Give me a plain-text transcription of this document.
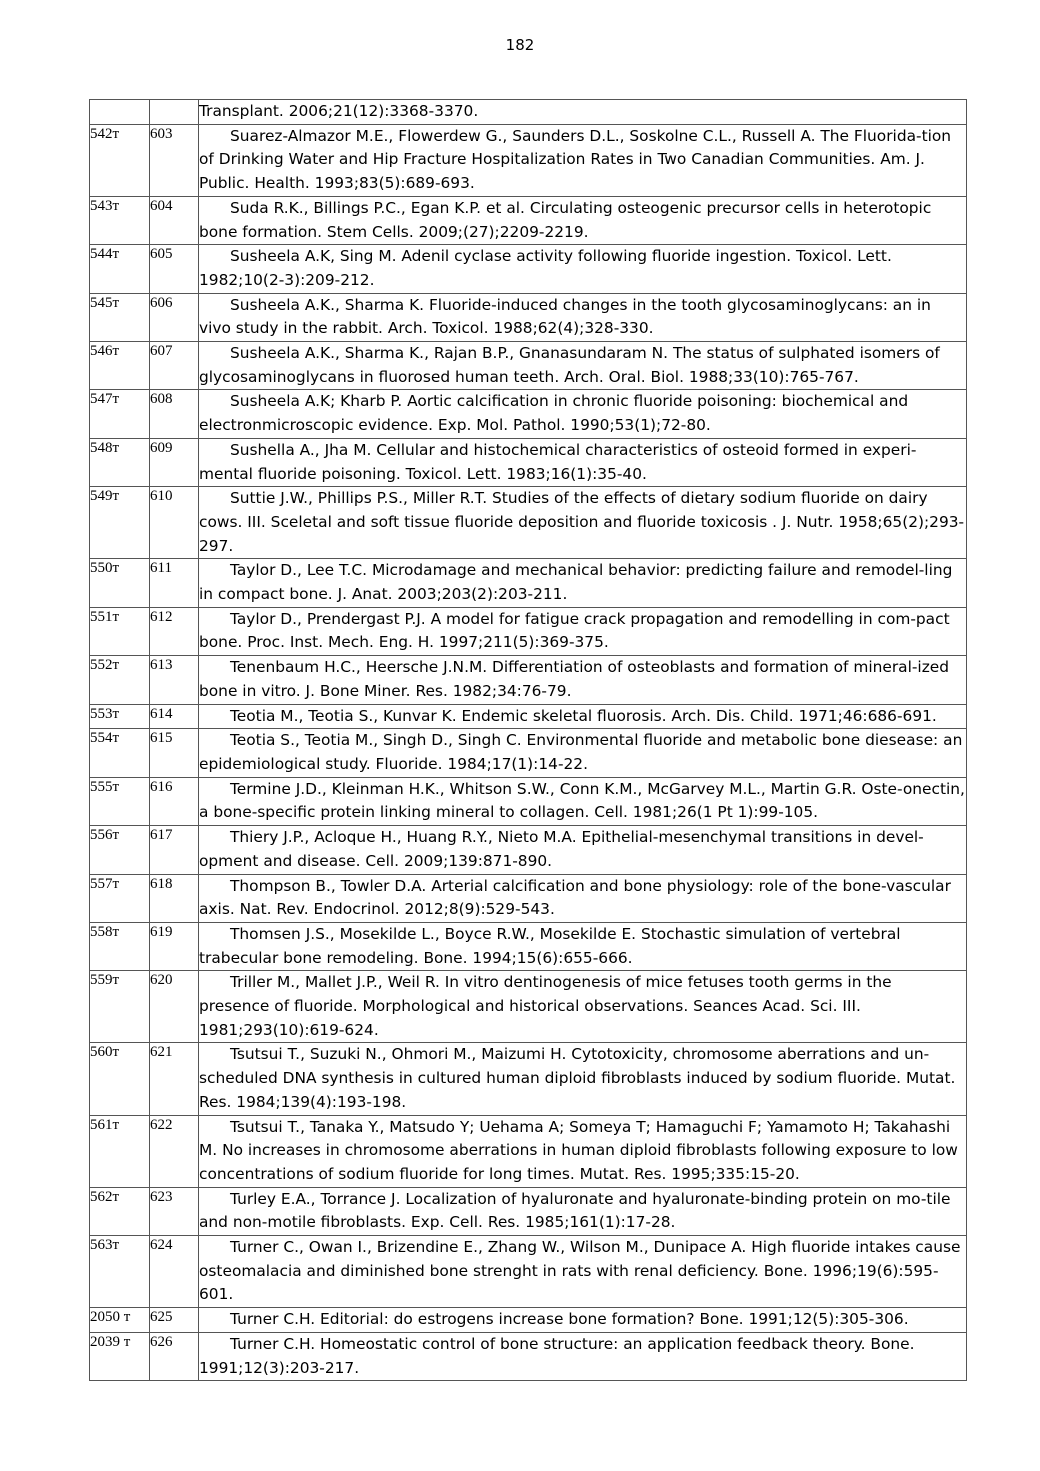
182

		Transplant. 2006;21(12):3368-3370.

542т	603	Suarez-Almazor M.E., Flowerdew G., Saunders D.L., Soskolne C.L., Russell A. The Fluorida-tion of Drinking Water and Hip Fracture Hospitalization Rates in Two Canadian Communities. Am. J. Public. Health. 1993;83(5):689-693.

543т	604	Suda R.K., Billings P.C., Egan K.P. et al. Circulating osteogenic precursor cells in heterotopic bone formation. Stem Cells. 2009;(27);2209-2219.

544т	605	Susheela A.K, Sing M. Adenil cyclase activity following fluoride ingestion. Toxicol. Lett. 1982;10(2-3):209-212.

545т	606	Susheela A.K., Sharma K. Fluoride-induced changes in the tooth glycosaminoglycans: an in vivo study in the rabbit. Arch. Toxicol. 1988;62(4);328-330.

546т	607	Susheela A.K., Sharma K., Rajan B.P., Gnanasundaram N. The status of sulphated isomers of glycosaminoglycans in fluorosed human teeth. Arch. Oral. Biol. 1988;33(10):765-767.

547т	608	Susheela A.K; Kharb P. Aortic calcification in chronic fluoride poisoning: biochemical and electronmicroscopic evidence. Exp. Mol. Pathol. 1990;53(1);72-80.

548т	609	Sushella A., Jha M. Cellular and histochemical characteristics of osteoid formed in experi-mental fluoride poisoning. Toxicol. Lett. 1983;16(1):35-40.

549т	610	Suttie J.W., Phillips P.S., Miller R.T. Studies of the effects of dietary sodium fluoride on dairy cows. III. Sceletal and soft tissue fluoride deposition and fluoride toxicosis . J. Nutr. 1958;65(2);293-297.

550т	611	Taylor D., Lee T.C. Microdamage and mechanical behavior: predicting failure and remodel-ling in compact bone. J. Anat. 2003;203(2):203-211.

551т	612	Taylor D., Prendergast P.J. A model for fatigue crack propagation and remodelling in com-pact bone. Proc. Inst. Mech. Eng. H. 1997;211(5):369-375.

552т	613	Tenenbaum H.C., Heersche J.N.M. Differentiation of osteoblasts and formation of mineral-ized bone in vitro. J. Bone Miner. Res. 1982;34:76-79.

553т	614	Teotia M., Teotia S., Kunvar K. Endemic skeletal fluorosis. Arch. Dis. Child. 1971;46:686-691.

554т	615	Teotia S., Teotia M., Singh D., Singh C. Environmental fluoride and metabolic bone diesease: an epidemiological study. Fluoride. 1984;17(1):14-22.

555т	616	Termine J.D., Kleinman H.K., Whitson S.W., Conn K.M., McGarvey M.L., Martin G.R. Oste-onectin, a bone-specific protein linking mineral to collagen. Cell. 1981;26(1 Pt 1):99-105.

556т	617	Thiery J.P., Acloque H., Huang R.Y., Nieto M.A. Epithelial-mesenchymal transitions in devel-opment and disease. Cell. 2009;139:871-890.

557т	618	Thompson B., Towler D.A. Arterial calcification and bone physiology: role of the bone-vascular axis. Nat. Rev. Endocrinol. 2012;8(9):529-543.

558т	619	Thomsen J.S., Mosekilde L., Boyce R.W., Mosekilde E. Stochastic simulation of vertebral trabecular bone remodeling. Bone. 1994;15(6):655-666.

559т	620	Triller M., Mallet J.P., Weil R. In vitro dentinogenesis of mice fetuses tooth germs in the presence of fluoride. Morphological and historical observations. Seances Acad. Sci. III. 1981;293(10):619-624.

560т	621	Tsutsui T., Suzuki N., Ohmori M., Maizumi H. Cytotoxicity, chromosome aberrations and un-scheduled DNA synthesis in cultured human diploid fibroblasts induced by sodium fluoride. Mutat. Res. 1984;139(4):193-198.

561т	622	Tsutsui T., Tanaka Y., Matsudo Y; Uehama A; Someya T; Hamaguchi F; Yamamoto H; Takahashi M. No increases in chromosome aberrations in human diploid fibroblasts following exposure to low concentrations of sodium fluoride for long times. Mutat. Res. 1995;335:15-20.

562т	623	Turley E.A., Torrance J. Localization of hyaluronate and hyaluronate-binding protein on mo-tile and non-motile fibroblasts. Exp. Cell. Res. 1985;161(1):17-28.

563т	624	Turner C., Owan I., Brizendine E., Zhang W., Wilson M., Dunipace A. High fluoride intakes cause osteomalacia and diminished bone strenght in rats with renal deficiency. Bone. 1996;19(6):595-601.

2050 т	625	Turner C.H. Editorial: do estrogens increase bone formation? Bone. 1991;12(5):305-306.

2039 т	626	Turner C.H. Homeostatic control of bone structure: an application feedback theory. Bone. 1991;12(3):203-217.
